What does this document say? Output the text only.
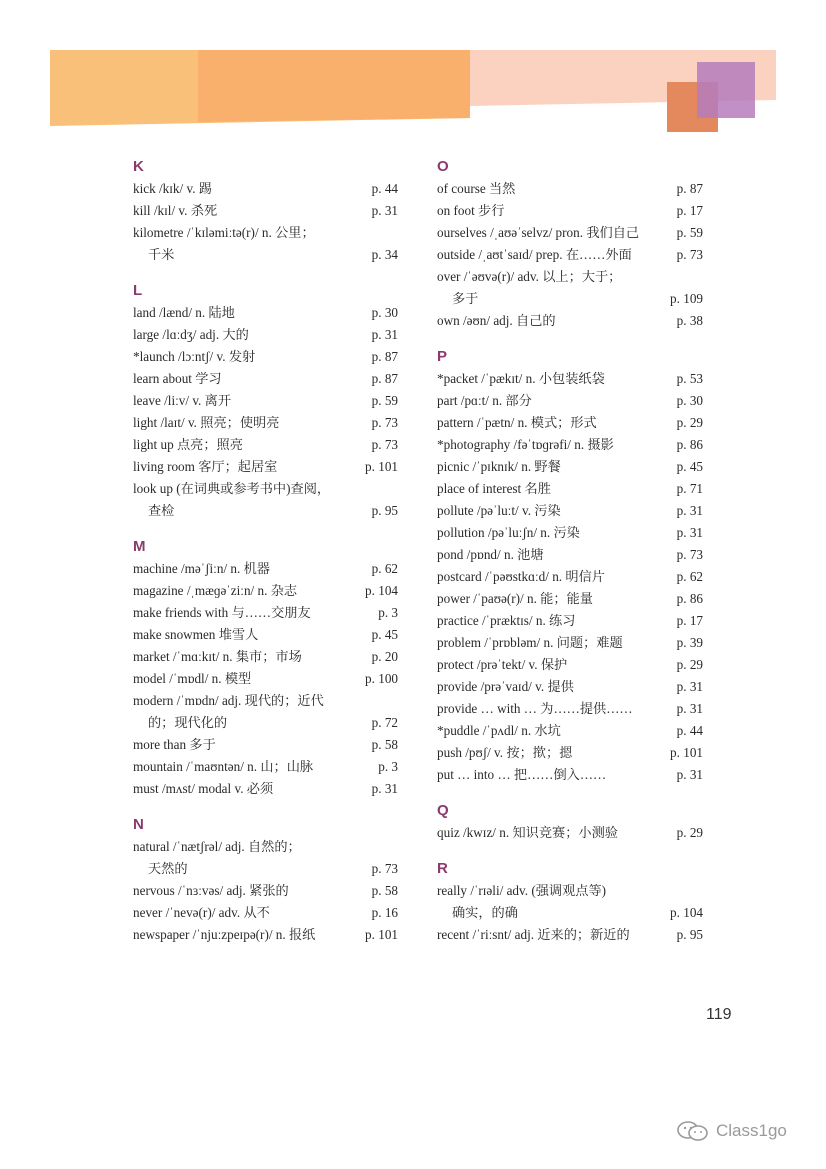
K
kick /kɪk/ v. 踢	p. 44
kill /kɪl/ v. 杀死	p. 31
kilometre /ˈkɪləmiːtə(r)/ n. 公里；
千米	p. 34
L
land /lænd/ n. 陆地	p. 30
large /lɑːdʒ/ adj. 大的	p. 31
*launch /lɔːntʃ/ v. 发射	p. 87
learn about 学习	p. 87
leave /liːv/ v. 离开	p. 59
light /laɪt/ v. 照亮；使明亮	p. 73
light up 点亮；照亮	p. 73
living room 客厅；起居室	p. 101
look up (在词典或参考书中)查阅，
查检	p. 95
M
machine /məˈʃiːn/ n. 机器	p. 62
magazine /ˌmæɡəˈziːn/ n. 杂志	p. 104
make friends with 与……交朋友	p. 3
make snowmen 堆雪人	p. 45
market /ˈmɑːkɪt/ n. 集市；市场	p. 20
model /ˈmɒdl/ n. 模型	p. 100
modern /ˈmɒdn/ adj. 现代的；近代
的；现代化的	p. 72
more than 多于	p. 58
mountain /ˈmaʊntən/ n. 山；山脉	p. 3
must /mʌst/ modal v. 必须	p. 31
N
natural /ˈnætʃrəl/ adj. 自然的；
天然的	p. 73
nervous /ˈnɜːvəs/ adj. 紧张的	p. 58
never /ˈnevə(r)/ adv. 从不	p. 16
newspaper /ˈnjuːzpeɪpə(r)/ n. 报纸	p. 101
O
of course 当然	p. 87
on foot 步行	p. 17
ourselves /ˌaʊəˈselvz/ pron. 我们自己	p. 59
outside /ˌaʊtˈsaɪd/ prep. 在……外面	p. 73
over /ˈəʊvə(r)/ adv. 以上；大于；
多于	p. 109
own /əʊn/ adj. 自己的	p. 38
P
*packet /ˈpækɪt/ n. 小包装纸袋	p. 53
part /pɑːt/ n. 部分	p. 30
pattern /ˈpætn/ n. 模式；形式	p. 29
*photography /fəˈtɒɡrəfi/ n. 摄影	p. 86
picnic /ˈpɪknɪk/ n. 野餐	p. 45
place of interest 名胜	p. 71
pollute /pəˈluːt/ v. 污染	p. 31
pollution /pəˈluːʃn/ n. 污染	p. 31
pond /pɒnd/ n. 池塘	p. 73
postcard /ˈpəʊstkɑːd/ n. 明信片	p. 62
power /ˈpaʊə(r)/ n. 能；能量	p. 86
practice /ˈpræktɪs/ n. 练习	p. 17
problem /ˈprɒbləm/ n. 问题；难题	p. 39
protect /prəˈtekt/ v. 保护	p. 29
provide /prəˈvaɪd/ v. 提供	p. 31
provide … with … 为……提供……	p. 31
*puddle /ˈpʌdl/ n. 水坑	p. 44
push /pʊʃ/ v. 按；揿；摁	p. 101
put … into … 把……倒入……	p. 31
Q
quiz /kwɪz/ n. 知识竞赛；小测验	p. 29
R
really /ˈrɪəli/ adv. (强调观点等)
确实，的确	p. 104
recent /ˈriːsnt/ adj. 近来的；新近的	p. 95
119
Class1go
